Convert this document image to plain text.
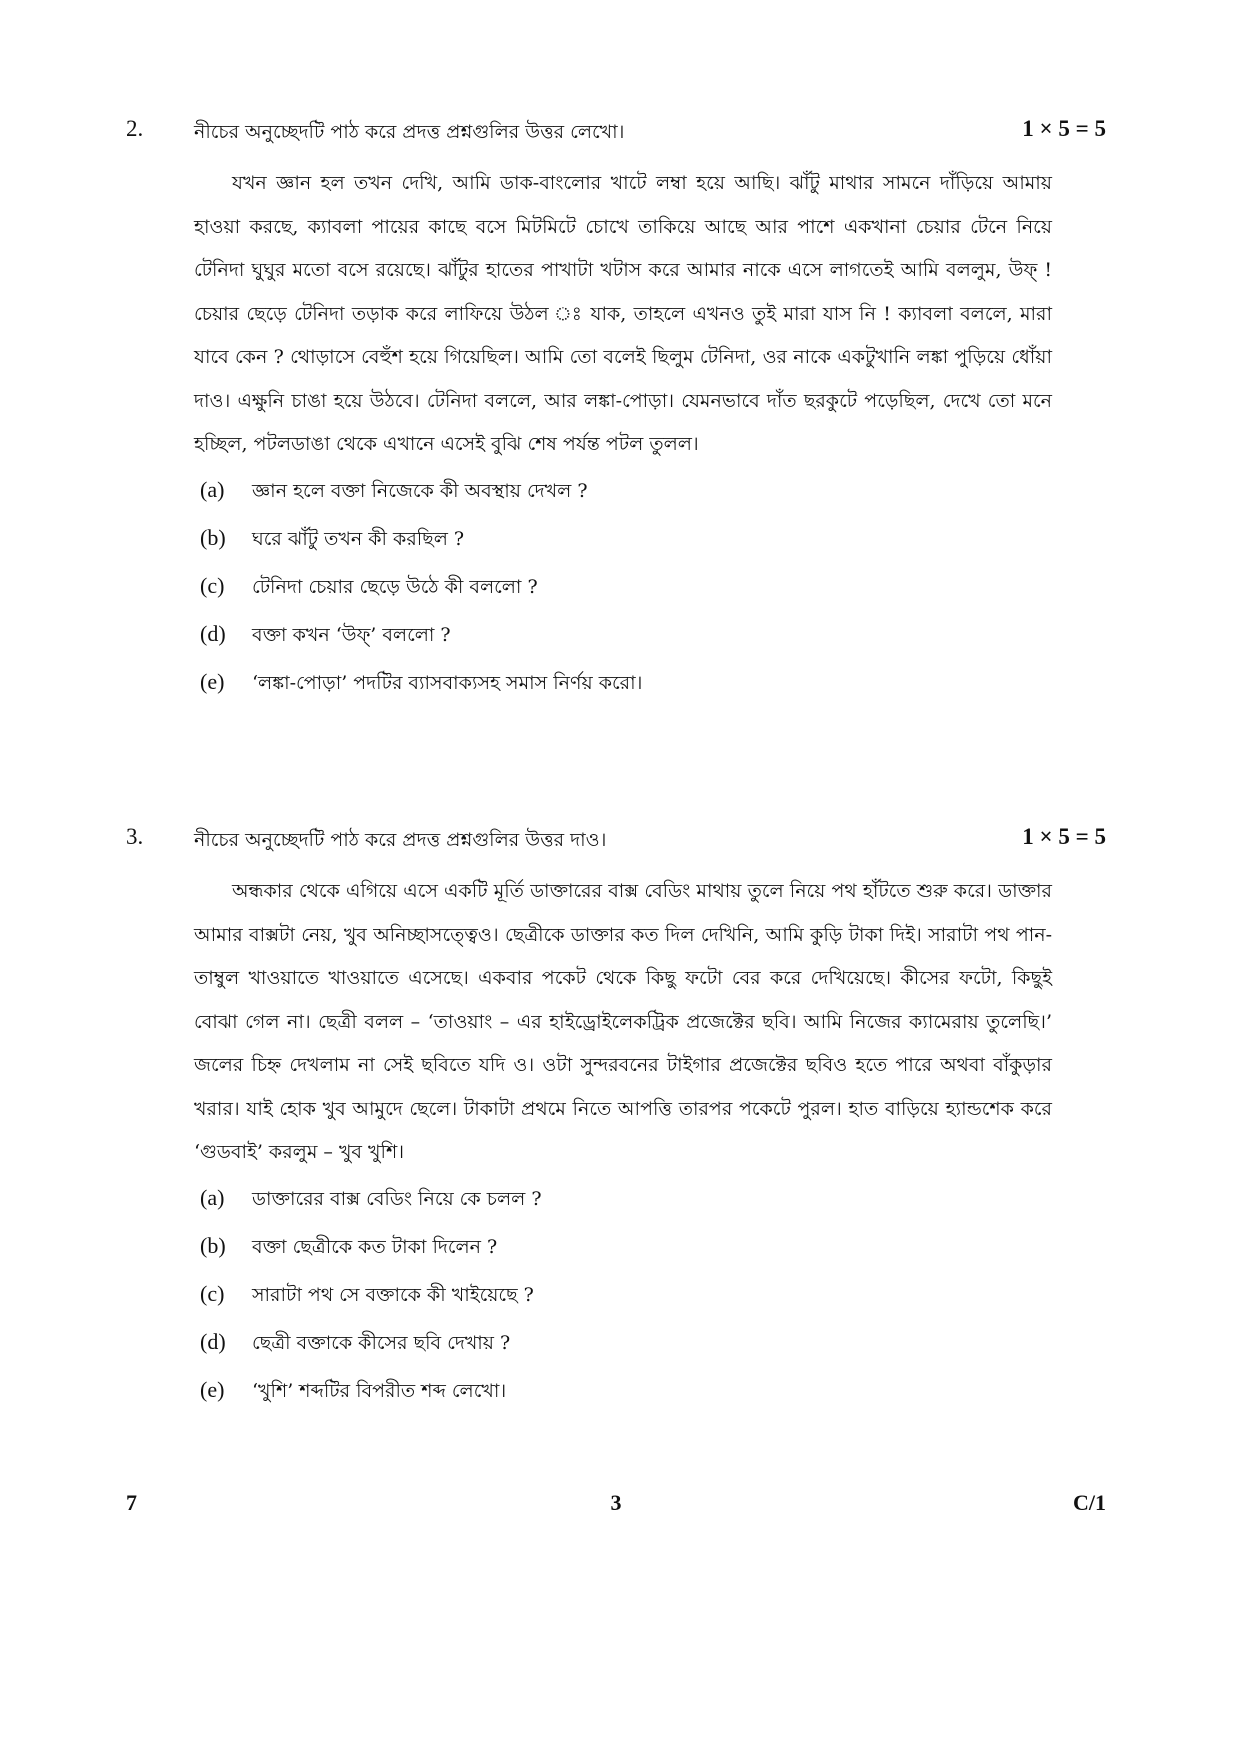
2.	নীচের অনুচ্ছেদটি পাঠ করে প্রদত্ত প্রশ্নগুলির উত্তর লেখো।	1 × 5 = 5

যখন জ্ঞান হল তখন দেখি, আমি ডাক-বাংলোর খাটে লম্বা হয়ে আছি। ঝাঁটু মাথার সামনে দাঁড়িয়ে আমায় হাওয়া করছে, ক্যাবলা পায়ের কাছে বসে মিটমিটে চোখে তাকিয়ে আছে আর পাশে একখানা চেয়ার টেনে নিয়ে টেনিদা ঘুঘুর মতো বসে রয়েছে। ঝাঁটুর হাতের পাখাটা খটাস করে আমার নাকে এসে লাগতেই আমি বললুম, উফ্ ! চেয়ার ছেড়ে টেনিদা তড়াক করে লাফিয়ে উঠল ঃ যাক, তাহলে এখনও তুই মারা যাস নি ! ক্যাবলা বললে, মারা যাবে কেন ? থোড়াসে বেহুঁশ হয়ে গিয়েছিল। আমি তো বলেই ছিলুম টেনিদা, ওর নাকে একটুখানি লঙ্কা পুড়িয়ে ধোঁয়া দাও। এক্ষুনি চাঙা হয়ে উঠবে। টেনিদা বললে, আর লঙ্কা-পোড়া। যেমনভাবে দাঁত ছরকুটে পড়েছিল, দেখে তো মনে হচ্ছিল, পটলডাঙা থেকে এখানে এসেই বুঝি শেষ পর্যন্ত পটল তুলল।

(a) জ্ঞান হলে বক্তা নিজেকে কী অবস্থায় দেখল ?
(b) ঘরে ঝাঁটু তখন কী করছিল ?
(c) টেনিদা চেয়ার ছেড়ে উঠে কী বললো ?
(d) বক্তা কখন ‘উফ্’ বললো ?
(e) ‘লঙ্কা-পোড়া’ পদটির ব্যাসবাক্যসহ সমাস নির্ণয় করো।
3.	নীচের অনুচ্ছেদটি পাঠ করে প্রদত্ত প্রশ্নগুলির উত্তর দাও।	1 × 5 = 5

অন্ধকার থেকে এগিয়ে এসে একটি মূর্তি ডাক্তারের বাক্স বেডিং মাথায় তুলে নিয়ে পথ হাঁটতে শুরু করে। ডাক্তার আমার বাক্সটা নেয়, খুব অনিচ্ছাসত্ত্বেও। ছেত্রীকে ডাক্তার কত দিল দেখিনি, আমি কুড়ি টাকা দিই। সারাটা পথ পান-তাম্বুল খাওয়াতে খাওয়াতে এসেছে। একবার পকেট থেকে কিছু ফটো বের করে দেখিয়েছে। কীসের ফটো, কিছুই বোঝা গেল না। ছেত্রী বলল – ‘তাওয়াং – এর হাইড্রোইলেকট্রিক প্রজেক্টের ছবি। আমি নিজের ক্যামেরায় তুলেছি।’ জলের চিহ্ন দেখলাম না সেই ছবিতে যদি ও। ওটা সুন্দরবনের টাইগার প্রজেক্টের ছবিও হতে পারে অথবা বাঁকুড়ার খরার। যাই হোক খুব আমুদে ছেলে। টাকাটা প্রথমে নিতে আপত্তি তারপর পকেটে পুরল। হাত বাড়িয়ে হ্যান্ডশেক করে ‘গুডবাই’ করলুম – খুব খুশি।

(a) ডাক্তারের বাক্স বেডিং নিয়ে কে চলল ?
(b) বক্তা ছেত্রীকে কত টাকা দিলেন ?
(c) সারাটা পথ সে বক্তাকে কী খাইয়েছে ?
(d) ছেত্রী বক্তাকে কীসের ছবি দেখায় ?
(e) ‘খুশি’ শব্দটির বিপরীত শব্দ লেখো।
7	3	C/1
